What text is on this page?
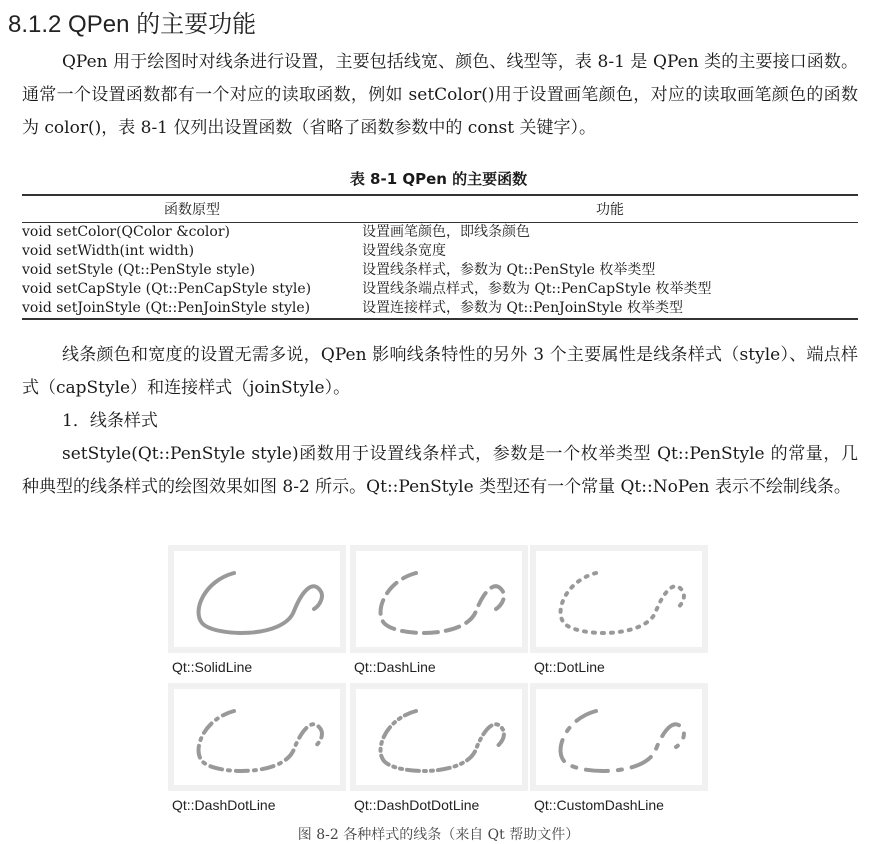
8.1.2 QPen 的主要功能
QPen 用于绘图时对线条进行设置，主要包括线宽、颜色、线型等，表 8-1 是 QPen 类的主要接口函数。通常一个设置函数都有一个对应的读取函数，例如 setColor()用于设置画笔颜色，对应的读取画笔颜色的函数为 color()，表 8-1 仅列出设置函数（省略了函数参数中的 const 关键字）。
表 8-1 QPen 的主要函数
函数原型	功能
void setColor(QColor &color)	设置画笔颜色，即线条颜色
void setWidth(int width)	设置线条宽度
void setStyle (Qt::PenStyle style)	设置线条样式，参数为 Qt::PenStyle 枚举类型
void setCapStyle (Qt::PenCapStyle style)	设置线条端点样式，参数为 Qt::PenCapStyle 枚举类型
void setJoinStyle (Qt::PenJoinStyle style)	设置连接样式，参数为 Qt::PenJoinStyle 枚举类型
线条颜色和宽度的设置无需多说，QPen 影响线条特性的另外 3 个主要属性是线条样式（style）、端点样式（capStyle）和连接样式（joinStyle）。
1．线条样式
setStyle(Qt::PenStyle style)函数用于设置线条样式，参数是一个枚举类型 Qt::PenStyle 的常量，几种典型的线条样式的绘图效果如图 8-2 所示。Qt::PenStyle 类型还有一个常量 Qt::NoPen 表示不绘制线条。
Qt::SolidLine	Qt::DashLine	Qt::DotLine
Qt::DashDotLine	Qt::DashDotDotLine	Qt::CustomDashLine
图 8-2 各种样式的线条（来自 Qt 帮助文件）
